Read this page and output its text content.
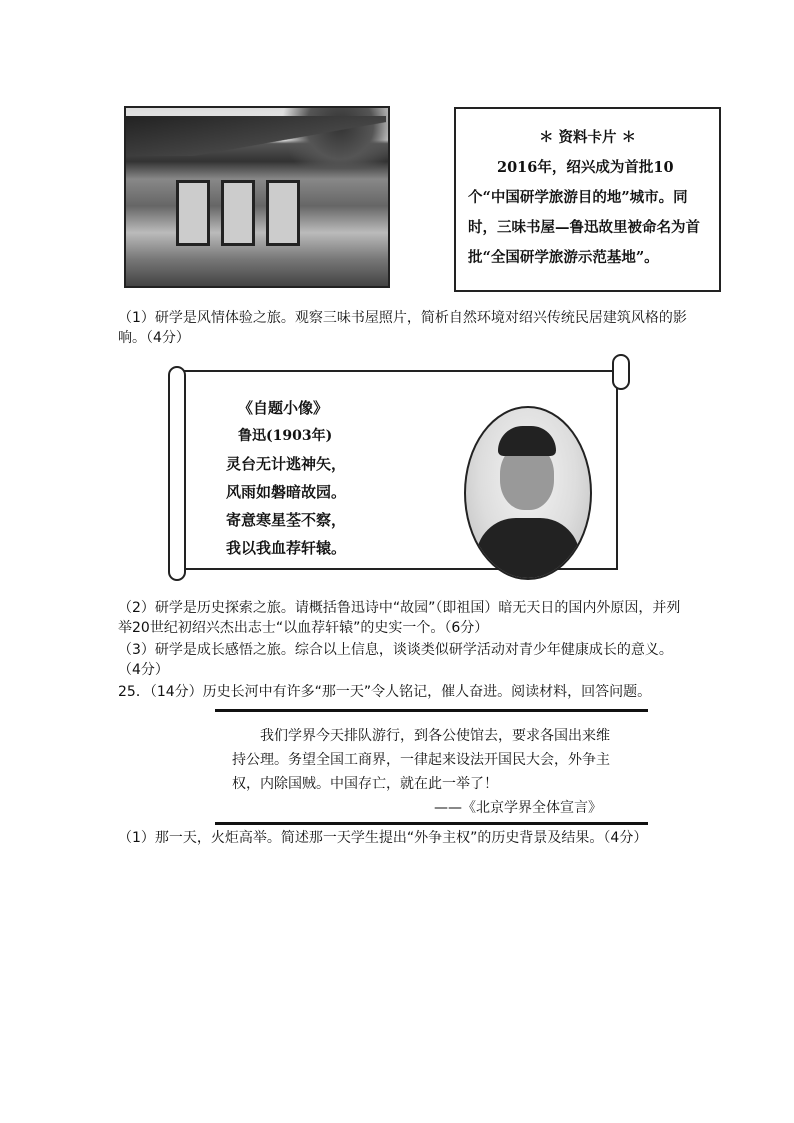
＊ 资料卡片 ＊

2016年，绍兴成为首批10个“中国研学旅游目的地”城市。同时，三味书屋—鲁迅故里被命名为首批“全国研学旅游示范基地”。

（1）研学是风情体验之旅。观察三味书屋照片，简析自然环境对绍兴传统民居建筑风格的影响。（4分）
《自题小像》
鲁迅(1903年)
灵台无计逃神矢，
风雨如磐暗故园。
寄意寒星荃不察，
我以我血荐轩辕。
（2）研学是历史探索之旅。请概括鲁迅诗中“故园”（即祖国）暗无天日的国内外原因，并列举20世纪初绍兴杰出志士“以血荐轩辕”的史实一个。（6分）
（3）研学是成长感悟之旅。综合以上信息，谈谈类似研学活动对青少年健康成长的意义。（4分）
25．（14分）历史长河中有许多“那一天”令人铭记，催人奋进。阅读材料，回答问题。

我们学界今天排队游行，到各公使馆去，要求各国出来维持公理。务望全国工商界，一律起来设法开国民大会，外争主权，内除国贼。中国存亡，就在此一举了！

——《北京学界全体宣言》
（1）那一天，火炬高举。简述那一天学生提出“外争主权”的历史背景及结果。（4分）
